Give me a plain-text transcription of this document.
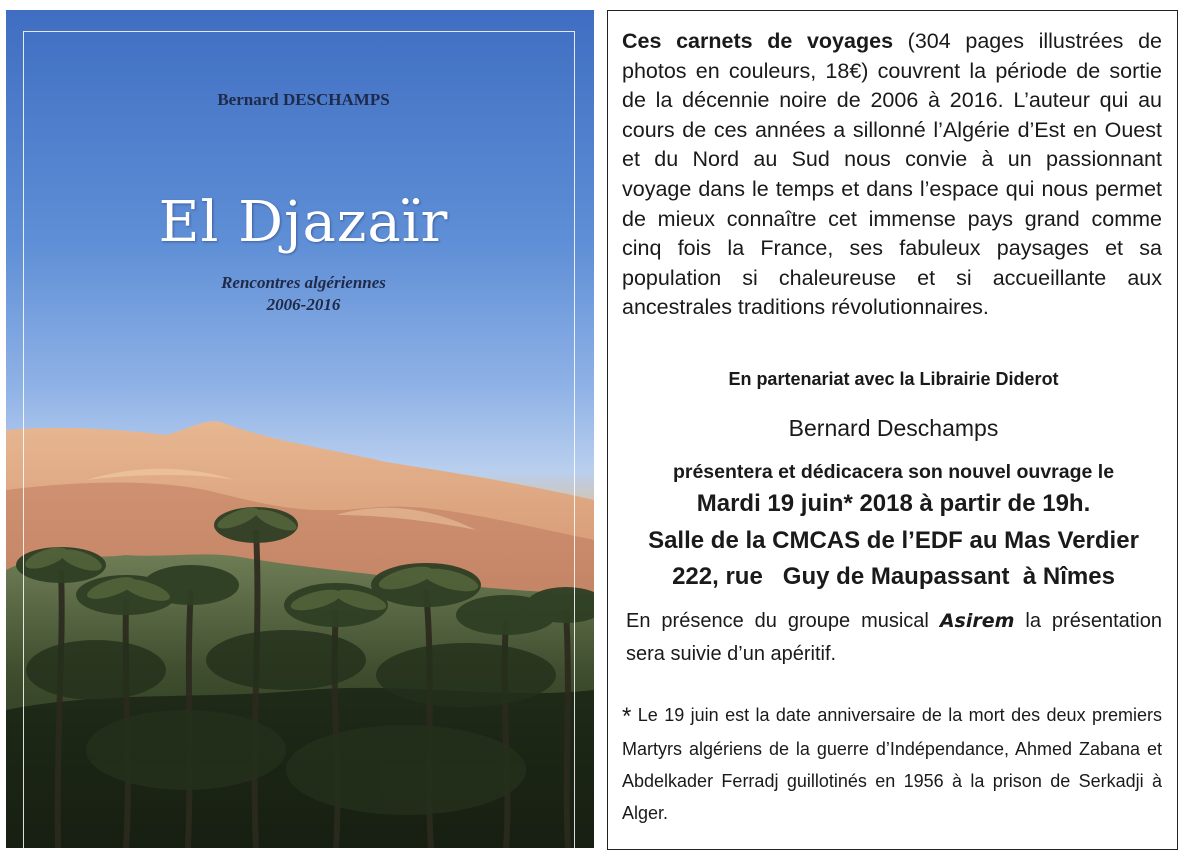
Bernard DESCHAMPS
El Djazaïr
Rencontres algériennes
2006-2016

Ces carnets de voyages (304 pages illustrées de photos en couleurs, 18€) couvrent la période de sortie de la décennie noire de 2006 à 2016. L’auteur qui au cours de ces années a sillonné l’Algérie d’Est en Ouest et du Nord au Sud nous convie à un passionnant voyage dans le temps et dans l’espace qui nous permet de mieux connaître cet immense pays grand comme cinq fois la France, ses fabuleux paysages et sa population si chaleureuse et si accueillante aux ancestrales traditions révolutionnaires.

En partenariat avec la Librairie Diderot
Bernard Deschamps
présentera et dédicacera son nouvel ouvrage le
Mardi 19 juin* 2018 à partir de 19h.
Salle de la CMCAS de l’EDF au Mas Verdier
222, rue   Guy de Maupassant  à Nîmes

En présence du groupe musical Asirem la présentation sera suivie d’un apéritif.

* Le 19 juin est la date anniversaire de la mort des deux premiers Martyrs algériens de la guerre d’Indépendance, Ahmed Zabana et Abdelkader Ferradj guillotinés en 1956 à la prison de Serkadji à Alger.
